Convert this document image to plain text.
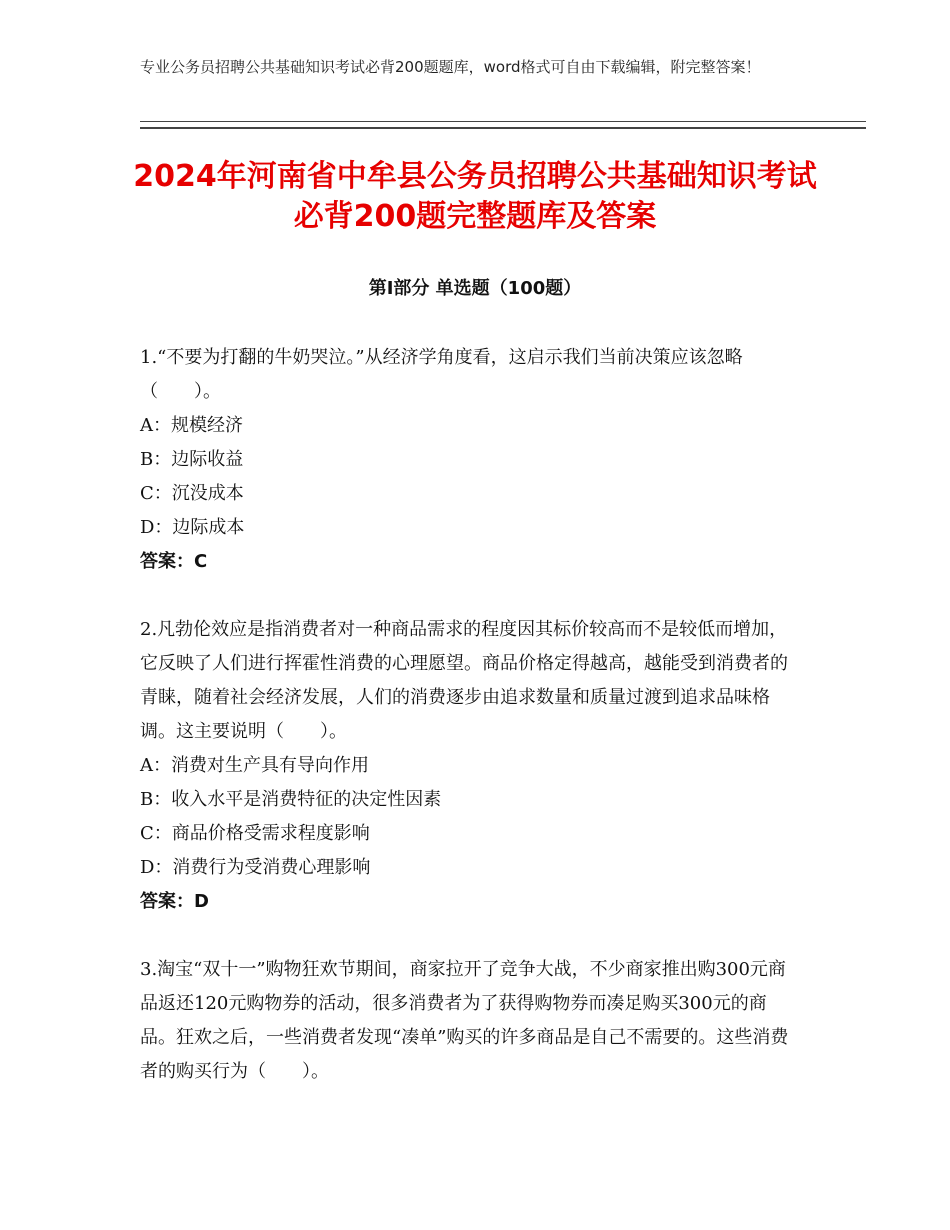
专业公务员招聘公共基础知识考试必背200题题库，word格式可自由下载编辑，附完整答案！
2024年河南省中牟县公务员招聘公共基础知识考试必背200题完整题库及答案
第Ⅰ部分 单选题（100题）

1.“不要为打翻的牛奶哭泣。”从经济学角度看，这启示我们当前决策应该忽略（　　）。

A：规模经济

B：边际收益

C：沉没成本

D：边际成本

答案：C

2.凡勃伦效应是指消费者对一种商品需求的程度因其标价较高而不是较低而增加，它反映了人们进行挥霍性消费的心理愿望。商品价格定得越高，越能受到消费者的青睐，随着社会经济发展，人们的消费逐步由追求数量和质量过渡到追求品味格调。这主要说明（　　）。

A：消费对生产具有导向作用

B：收入水平是消费特征的决定性因素

C：商品价格受需求程度影响

D：消费行为受消费心理影响

答案：D

3.淘宝“双十一”购物狂欢节期间，商家拉开了竞争大战，不少商家推出购300元商品返还120元购物券的活动，很多消费者为了获得购物券而凑足购买300元的商品。狂欢之后，一些消费者发现“凑单”购买的许多商品是自己不需要的。这些消费者的购买行为（　　）。
